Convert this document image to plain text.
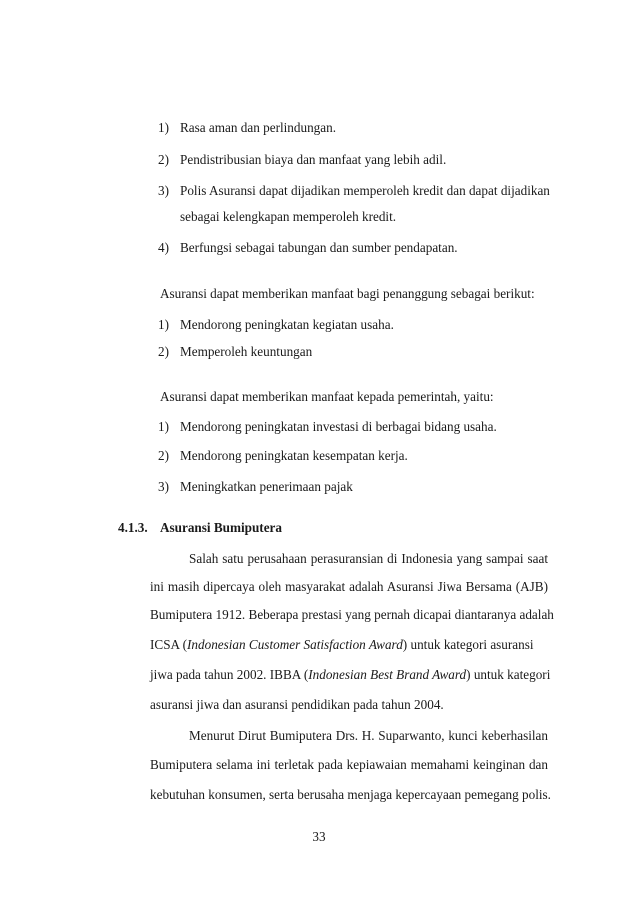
1) Rasa aman dan perlindungan.
2) Pendistribusian biaya dan manfaat yang lebih adil.
3) Polis Asuransi dapat dijadikan memperoleh kredit dan dapat dijadikan
sebagai kelengkapan memperoleh kredit.
4) Berfungsi sebagai tabungan dan sumber pendapatan.
Asuransi dapat memberikan manfaat bagi penanggung sebagai berikut:
1) Mendorong peningkatan kegiatan usaha.
2) Memperoleh keuntungan
Asuransi dapat memberikan manfaat kepada pemerintah, yaitu:
1) Mendorong peningkatan investasi di berbagai bidang usaha.
2) Mendorong peningkatan kesempatan kerja.
3) Meningkatkan penerimaan pajak
4.1.3. Asuransi Bumiputera
Salah satu perusahaan perasuransian di Indonesia yang sampai saat
ini masih dipercaya oleh masyarakat adalah Asuransi Jiwa Bersama (AJB)
Bumiputera 1912. Beberapa prestasi yang pernah dicapai diantaranya adalah
ICSA (Indonesian Customer Satisfaction Award) untuk kategori asuransi
jiwa pada tahun 2002. IBBA (Indonesian Best Brand Award) untuk kategori
asuransi jiwa dan asuransi pendidikan pada tahun 2004.
Menurut Dirut Bumiputera Drs. H. Suparwanto, kunci keberhasilan
Bumiputera selama ini terletak pada kepiawaian memahami keinginan dan
kebutuhan konsumen, serta berusaha menjaga kepercayaan pemegang polis.
33
